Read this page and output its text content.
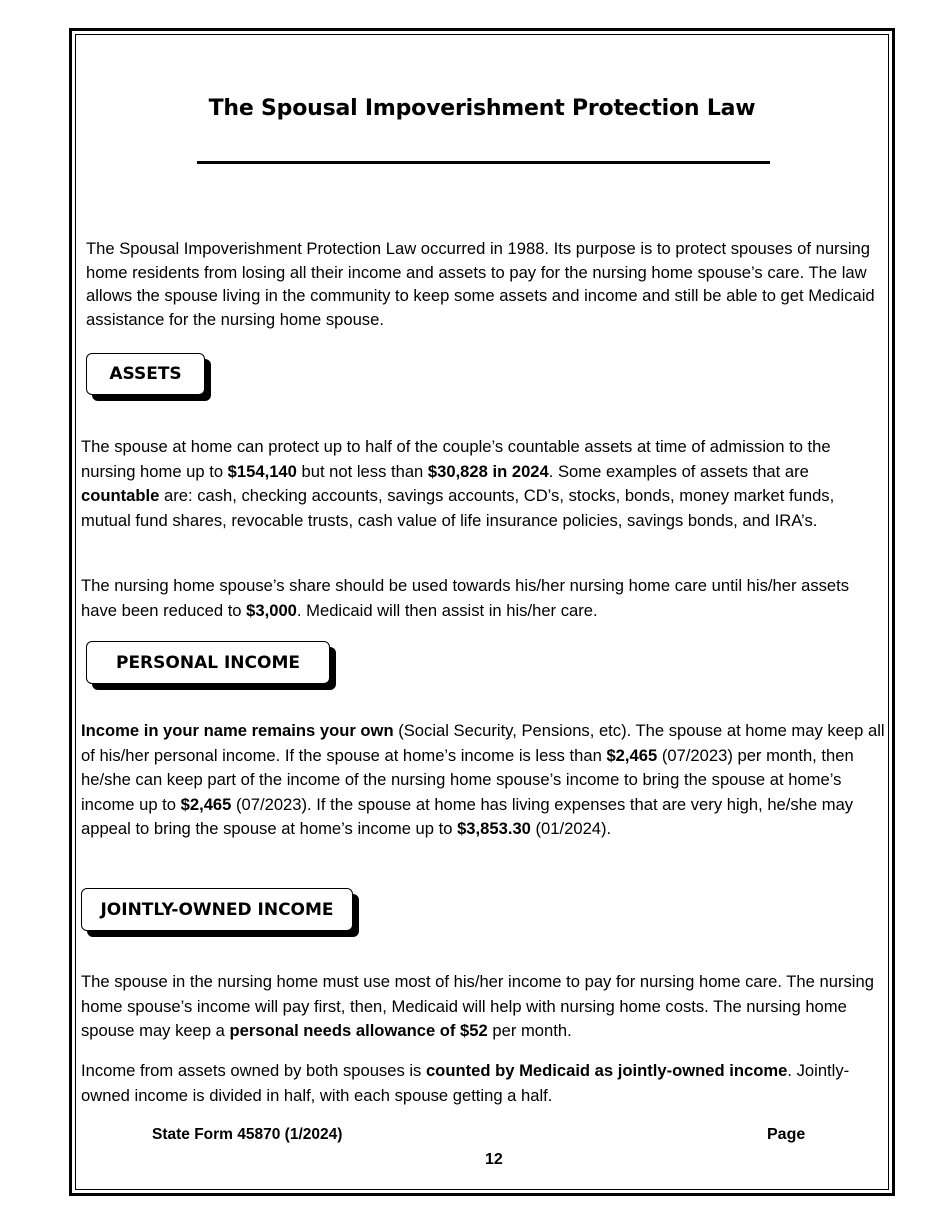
The Spousal Impoverishment Protection Law

The Spousal Impoverishment Protection Law occurred in 1988. Its purpose is to protect spouses of nursing home residents from losing all their income and assets to pay for the nursing home spouse’s care. The law allows the spouse living in the community to keep some assets and income and still be able to get Medicaid assistance for the nursing home spouse.

ASSETS

The spouse at home can protect up to half of the couple’s countable assets at time of admission to the nursing home up to $154,140 but not less than $30,828 in 2024. Some examples of assets that are countable are: cash, checking accounts, savings accounts, CD’s, stocks, bonds, money market funds, mutual fund shares, revocable trusts, cash value of life insurance policies, savings bonds, and IRA’s.

The nursing home spouse’s share should be used towards his/her nursing home care until his/her assets have been reduced to $3,000. Medicaid will then assist in his/her care.

PERSONAL INCOME

Income in your name remains your own (Social Security, Pensions, etc). The spouse at home may keep all of his/her personal income. If the spouse at home’s income is less than $2,465 (07/2023) per month, then he/she can keep part of the income of the nursing home spouse’s income to bring the spouse at home’s income up to $2,465 (07/2023). If the spouse at home has living expenses that are very high, he/she may appeal to bring the spouse at home’s income up to $3,853.30 (01/2024).

JOINTLY-OWNED INCOME

The spouse in the nursing home must use most of his/her income to pay for nursing home care. The nursing home spouse’s income will pay first, then, Medicaid will help with nursing home costs. The nursing home spouse may keep a personal needs allowance of $52 per month.

Income from assets owned by both spouses is counted by Medicaid as jointly-owned income. Jointly-owned income is divided in half, with each spouse getting a half.

State Form 45870 (1/2024)	Page
12
